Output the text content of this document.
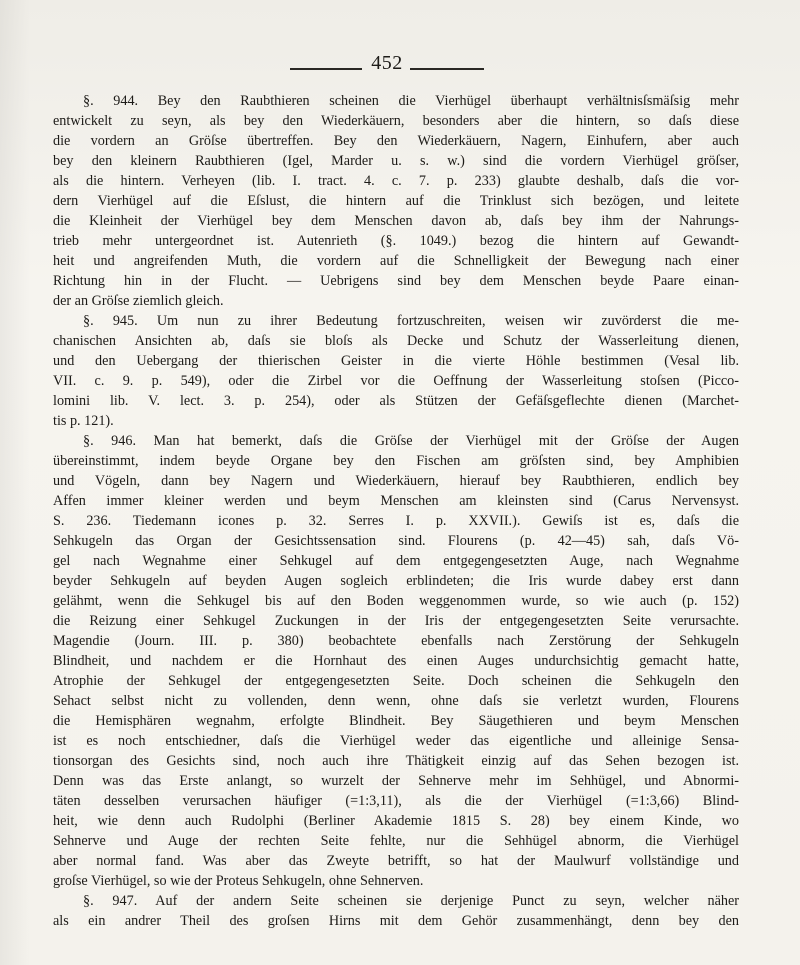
452
§. 944. Bey den Raubthieren scheinen die Vierhügel überhaupt verhältnisſsmäſsig mehr
entwickelt zu seyn, als bey den Wiederkäuern, besonders aber die hintern, so daſs diese
die vordern an Gröſse übertreffen. Bey den Wiederkäuern, Nagern, Einhufern, aber auch
bey den kleinern Raubthieren (Igel, Marder u. s. w.) sind die vordern Vierhügel gröſser,
als die hintern. Verheyen (lib. I. tract. 4. c. 7. p. 233) glaubte deshalb, daſs die vor-
dern Vierhügel auf die Eſslust, die hintern auf die Trinklust sich bezögen, und leitete
die Kleinheit der Vierhügel bey dem Menschen davon ab, daſs bey ihm der Nahrungs-
trieb mehr untergeordnet ist. Autenrieth (§. 1049.) bezog die hintern auf Gewandt-
heit und angreifenden Muth, die vordern auf die Schnelligkeit der Bewegung nach einer
Richtung hin in der Flucht. — Uebrigens sind bey dem Menschen beyde Paare einan-
der an Gröſse ziemlich gleich.
§. 945. Um nun zu ihrer Bedeutung fortzuschreiten, weisen wir zuvörderst die me-
chanischen Ansichten ab, daſs sie bloſs als Decke und Schutz der Wasserleitung dienen,
und den Uebergang der thierischen Geister in die vierte Höhle bestimmen (Vesal lib.
VII. c. 9. p. 549), oder die Zirbel vor die Oeffnung der Wasserleitung stoſsen (Picco-
lomini lib. V. lect. 3. p. 254), oder als Stützen der Gefäſsgeflechte dienen (Marchet-
tis p. 121).
§. 946. Man hat bemerkt, daſs die Gröſse der Vierhügel mit der Gröſse der Augen
übereinstimmt, indem beyde Organe bey den Fischen am gröſsten sind, bey Amphibien
und Vögeln, dann bey Nagern und Wiederkäuern, hierauf bey Raubthieren, endlich bey
Affen immer kleiner werden und beym Menschen am kleinsten sind (Carus Nervensyst.
S. 236. Tiedemann icones p. 32. Serres I. p. XXVII.). Gewiſs ist es, daſs die
Sehkugeln das Organ der Gesichtssensation sind. Flourens (p. 42—45) sah, daſs Vö-
gel nach Wegnahme einer Sehkugel auf dem entgegengesetzten Auge, nach Wegnahme
beyder Sehkugeln auf beyden Augen sogleich erblindeten; die Iris wurde dabey erst dann
gelähmt, wenn die Sehkugel bis auf den Boden weggenommen wurde, so wie auch (p. 152)
die Reizung einer Sehkugel Zuckungen in der Iris der entgegengesetzten Seite verursachte.
Magendie (Journ. III. p. 380) beobachtete ebenfalls nach Zerstörung der Sehkugeln
Blindheit, und nachdem er die Hornhaut des einen Auges undurchsichtig gemacht hatte,
Atrophie der Sehkugel der entgegengesetzten Seite. Doch scheinen die Sehkugeln den
Sehact selbst nicht zu vollenden, denn wenn, ohne daſs sie verletzt wurden, Flourens
die Hemisphären wegnahm, erfolgte Blindheit. Bey Säugethieren und beym Menschen
ist es noch entschiedner, daſs die Vierhügel weder das eigentliche und alleinige Sensa-
tionsorgan des Gesichts sind, noch auch ihre Thätigkeit einzig auf das Sehen bezogen ist.
Denn was das Erste anlangt, so wurzelt der Sehnerve mehr im Sehhügel, und Abnormi-
täten desselben verursachen häufiger (=1:3,11), als die der Vierhügel (=1:3,66) Blind-
heit, wie denn auch Rudolphi (Berliner Akademie 1815 S. 28) bey einem Kinde, wo
Sehnerve und Auge der rechten Seite fehlte, nur die Sehhügel abnorm, die Vierhügel
aber normal fand. Was aber das Zweyte betrifft, so hat der Maulwurf vollständige und
groſse Vierhügel, so wie der Proteus Sehkugeln, ohne Sehnerven.
§. 947. Auf der andern Seite scheinen sie derjenige Punct zu seyn, welcher näher
als ein andrer Theil des groſsen Hirns mit dem Gehör zusammenhängt, denn bey den
